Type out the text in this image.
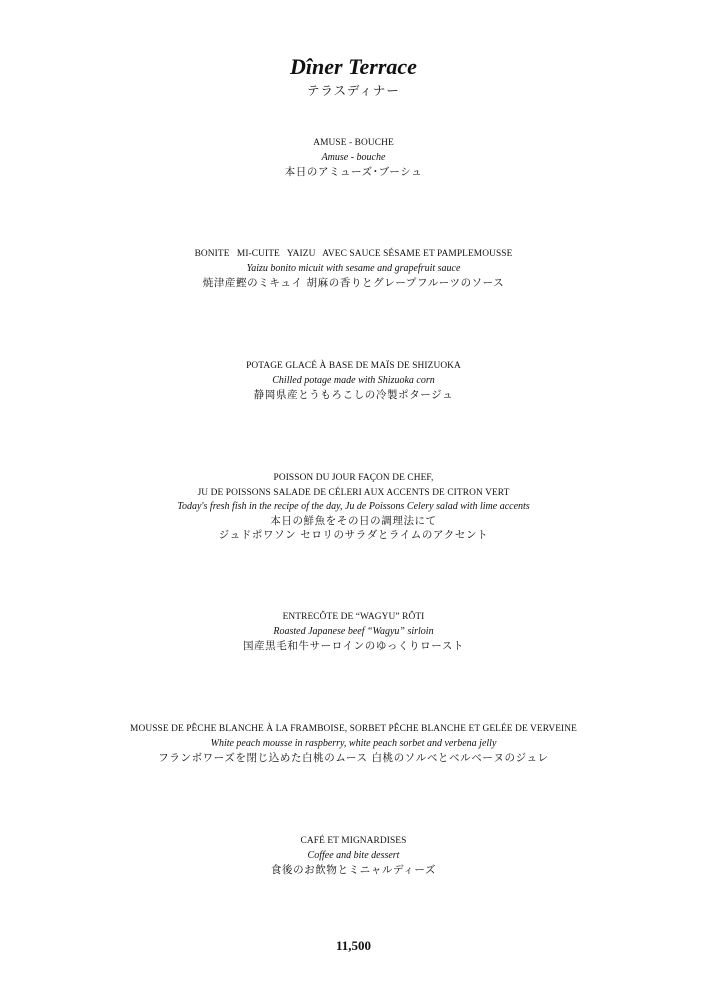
Dîner Terrace
テラスディナー
AMUSE - BOUCHE
Amuse - bouche
本日のアミューズ･ブーシュ
BONITE   MI-CUITE   YAIZU   AVEC SAUCE SÉSAME ET PAMPLEMOUSSE
Yaizu bonito micuit with sesame and grapefruit sauce
焼津産鰹のミキュイ 胡麻の香りとグレープフルーツのソース
POTAGE GLACÉ À BASE DE MAÏS DE SHIZUOKA
Chilled potage made with Shizuoka corn
静岡県産とうもろこしの冷製ポタージュ
POISSON DU JOUR FAÇON DE CHEF,
JU DE POISSONS SALADE DE CÉLERI AUX ACCENTS DE CITRON VERT
Today's fresh fish in the recipe of the day, Ju de Poissons Celery salad with lime accents
本日の鮮魚をその日の調理法にて
ジュドポワソン セロリのサラダとライムのアクセント
ENTRECÔTE DE “WAGYU” RÔTI
Roasted Japanese beef “Wagyu” sirloin
国産黒毛和牛サーロインのゆっくりロースト
MOUSSE DE PÊCHE BLANCHE À LA FRAMBOISE, SORBET PÊCHE BLANCHE ET GELÉE DE VERVEINE
White peach mousse in raspberry, white peach sorbet and verbena jelly
フランボワーズを閉じ込めた白桃のムース 白桃のソルベとベルベーヌのジュレ
CAFÉ ET MIGNARDISES
Coffee and bite dessert
食後のお飲物とミニャルディーズ
11,500
